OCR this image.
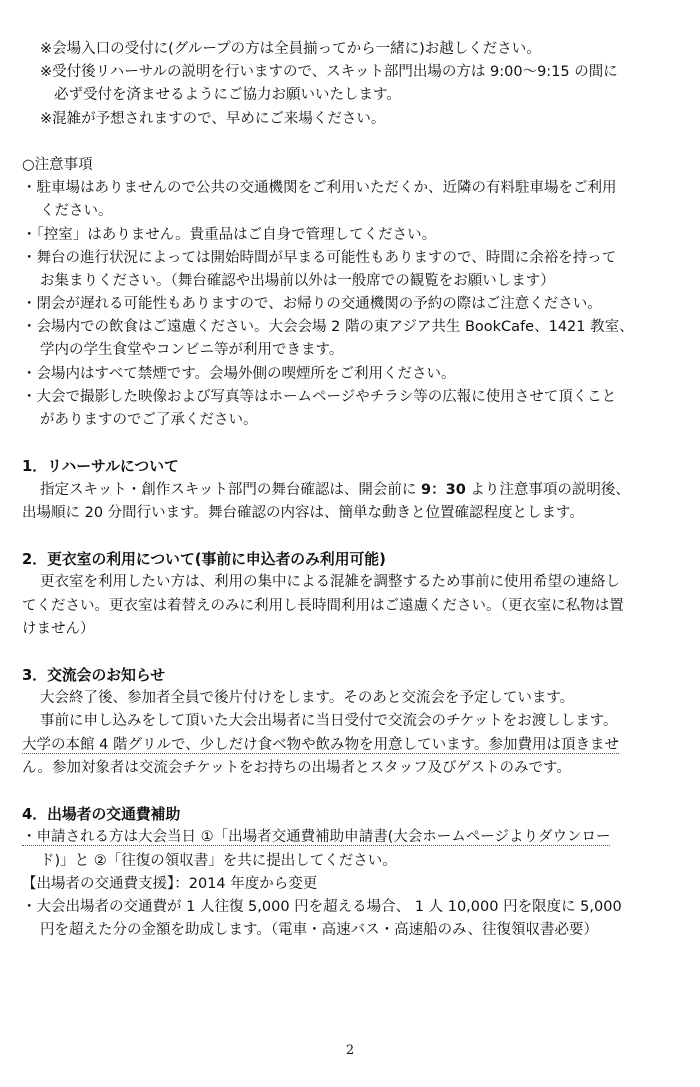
※会場入口の受付に(グループの方は全員揃ってから一緒に)お越しください。
※受付後リハーサルの説明を行いますので、スキット部門出場の方は 9:00～9:15 の間に
必ず受付を済ませるようにご協力お願いいたします。
※混雑が予想されますので、早めにご来場ください。
○注意事項
・駐車場はありませんので公共の交通機関をご利用いただくか、近隣の有料駐車場をご利用
ください。
・「控室」はありません。貴重品はご自身で管理してください。
・舞台の進行状況によっては開始時間が早まる可能性もありますので、時間に余裕を持って
お集まりください。（舞台確認や出場前以外は一般席での観覧をお願いします）
・閉会が遅れる可能性もありますので、お帰りの交通機関の予約の際はご注意ください。
・会場内での飲食はご遠慮ください。大会会場 2 階の東アジア共生 BookCafe、1421 教室、
学内の学生食堂やコンビニ等が利用できます。
・会場内はすべて禁煙です。会場外側の喫煙所をご利用ください。
・大会で撮影した映像および写真等はホームページやチラシ等の広報に使用させて頂くこと
がありますのでご了承ください。
1．リハーサルについて
指定スキット・創作スキット部門の舞台確認は、開会前に 9：30 より注意事項の説明後、
出場順に 20 分間行います。舞台確認の内容は、簡単な動きと位置確認程度とします。
2．更衣室の利用について(事前に申込者のみ利用可能)
更衣室を利用したい方は、利用の集中による混雑を調整するため事前に使用希望の連絡し
てください。更衣室は着替えのみに利用し長時間利用はご遠慮ください。（更衣室に私物は置
けません）
3．交流会のお知らせ
大会終了後、参加者全員で後片付けをします。そのあと交流会を予定しています。
事前に申し込みをして頂いた大会出場者に当日受付で交流会のチケットをお渡しします。
大学の本館 4 階グリルで、少しだけ食べ物や飲み物を用意しています。参加費用は頂きませ
ん。参加対象者は交流会チケットをお持ちの出場者とスタッフ及びゲストのみです。
4．出場者の交通費補助
・申請される方は大会当日 ①「出場者交通費補助申請書(大会ホームページよりダウンロー
ド)」と ②「往復の領収書」を共に提出してください。
【出場者の交通費支援】：2014 年度から変更
・大会出場者の交通費が 1 人往復 5,000 円を超える場合、 1 人 10,000 円を限度に 5,000
円を超えた分の金額を助成します。（電車・高速バス・高速船のみ、往復領収書必要）
2
